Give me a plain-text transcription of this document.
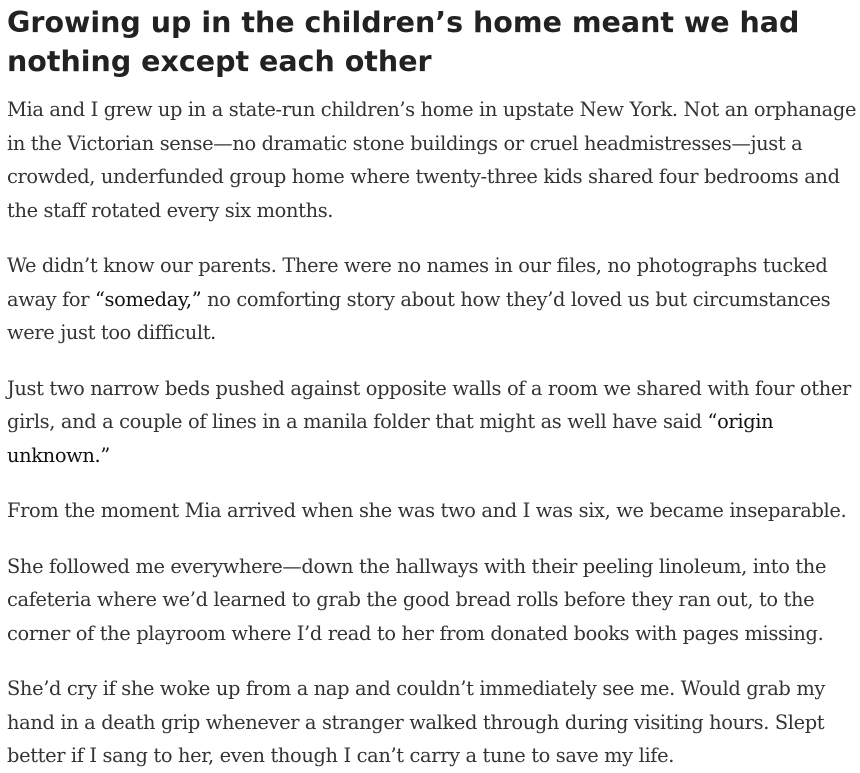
Growing up in the children’s home meant we had nothing except each other

Mia and I grew up in a state-run children’s home in upstate New York. Not an orphanage in the Victorian sense—no dramatic stone buildings or cruel headmistresses—just a crowded, underfunded group home where twenty-three kids shared four bedrooms and the staff rotated every six months.

We didn’t know our parents. There were no names in our files, no photographs tucked away for “someday,” no comforting story about how they’d loved us but circumstances were just too difficult.

Just two narrow beds pushed against opposite walls of a room we shared with four other girls, and a couple of lines in a manila folder that might as well have said “origin unknown.”

From the moment Mia arrived when she was two and I was six, we became inseparable.

She followed me everywhere—down the hallways with their peeling linoleum, into the cafeteria where we’d learned to grab the good bread rolls before they ran out, to the corner of the playroom where I’d read to her from donated books with pages missing.

She’d cry if she woke up from a nap and couldn’t immediately see me. Would grab my hand in a death grip whenever a stranger walked through during visiting hours. Slept better if I sang to her, even though I can’t carry a tune to save my life.
